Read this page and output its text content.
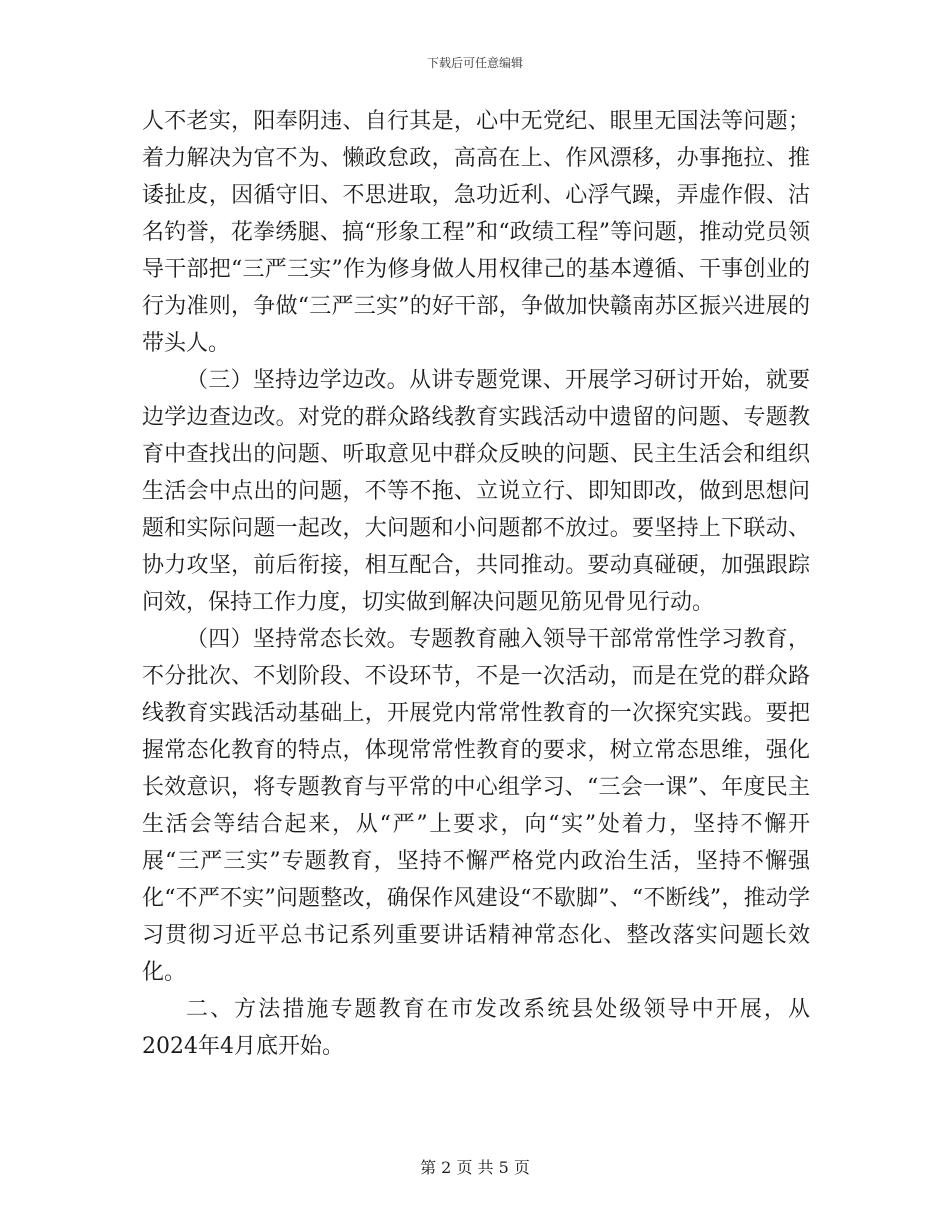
下载后可任意编辑

人不老实，阳奉阴违、自行其是，心中无党纪、眼里无国法等问题；着力解决为官不为、懒政怠政，高高在上、作风漂移，办事拖拉、推诿扯皮，因循守旧、不思进取，急功近利、心浮气躁，弄虚作假、沽名钓誉，花拳绣腿、搞“形象工程”和“政绩工程”等问题，推动党员领导干部把“三严三实”作为修身做人用权律己的基本遵循、干事创业的行为准则，争做“三严三实”的好干部，争做加快赣南苏区振兴进展的带头人。

（三）坚持边学边改。从讲专题党课、开展学习研讨开始，就要边学边查边改。对党的群众路线教育实践活动中遗留的问题、专题教育中查找出的问题、听取意见中群众反映的问题、民主生活会和组织生活会中点出的问题，不等不拖、立说立行、即知即改，做到思想问题和实际问题一起改，大问题和小问题都不放过。要坚持上下联动、协力攻坚，前后衔接，相互配合，共同推动。要动真碰硬，加强跟踪问效，保持工作力度，切实做到解决问题见筋见骨见行动。

（四）坚持常态长效。专题教育融入领导干部常常性学习教育，不分批次、不划阶段、不设环节，不是一次活动，而是在党的群众路线教育实践活动基础上，开展党内常常性教育的一次探究实践。要把握常态化教育的特点，体现常常性教育的要求，树立常态思维，强化长效意识，将专题教育与平常的中心组学习、“三会一课”、年度民主生活会等结合起来，从“严”上要求，向“实”处着力，坚持不懈开展“三严三实”专题教育，坚持不懈严格党内政治生活，坚持不懈强化“不严不实”问题整改，确保作风建设“不歇脚”、“不断线”，推动学习贯彻习近平总书记系列重要讲话精神常态化、整改落实问题长效化。

二、方法措施专题教育在市发改系统县处级领导中开展，从2024年4月底开始。

第 2 页 共 5 页
